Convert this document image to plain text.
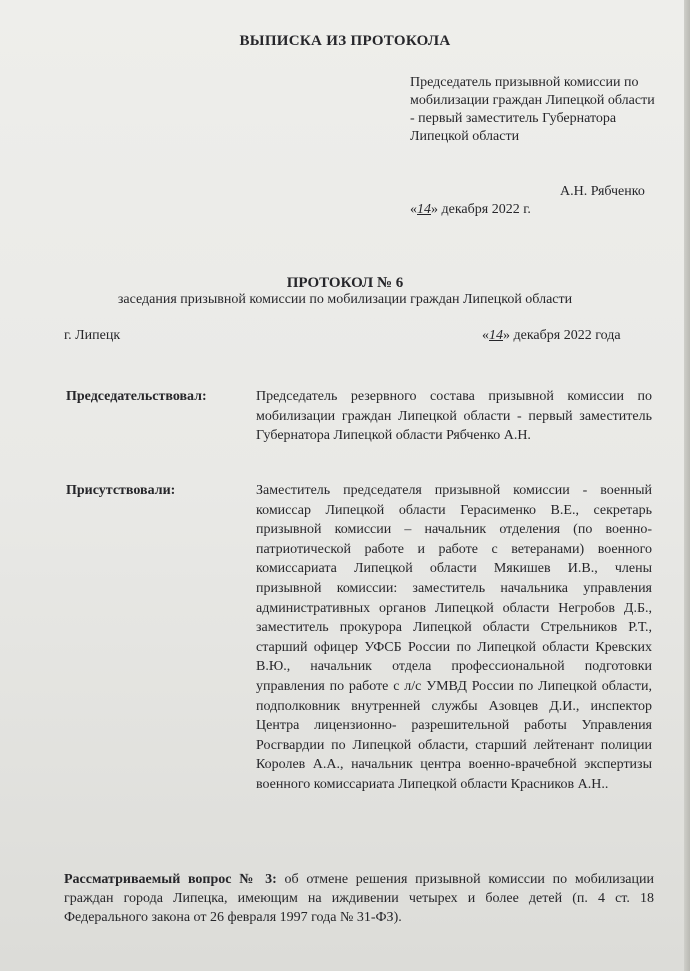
ВЫПИСКА ИЗ ПРОТОКОЛА
Председатель призывной комиссии по мобилизации граждан Липецкой области - первый заместитель Губернатора Липецкой области
А.Н. Рябченко
«14» декабря 2022 г.
ПРОТОКОЛ № 6
заседания призывной комиссии по мобилизации граждан Липецкой области
г. Липецк	«14» декабря 2022 года
Председательствовал:	Председатель резервного состава призывной комиссии по мобилизации граждан Липецкой области - первый заместитель Губернатора Липецкой области Рябченко А.Н.
Присутствовали:	Заместитель председателя призывной комиссии - военный комиссар Липецкой области Герасименко В.Е., секретарь призывной комиссии – начальник отделения (по военно-патриотической работе и работе с ветеранами) военного комиссариата Липецкой области Мякишев И.В., члены призывной комиссии: заместитель начальника управления административных органов Липецкой области Негробов Д.Б., заместитель прокурора Липецкой области Стрельников Р.Т., старший офицер УФСБ России по Липецкой области Кревских В.Ю., начальник отдела профессиональной подготовки управления по работе с л/с УМВД России по Липецкой области, подполковник внутренней службы Азовцев Д.И., инспектор Центра лицензионно- разрешительной работы Управления Росгвардии по Липецкой области, старший лейтенант полиции Королев А.А., начальник центра военно-врачебной экспертизы военного комиссариата Липецкой области Красников А.Н..
Рассматриваемый вопрос № 3: об отмене решения призывной комиссии по мобилизации граждан города Липецка, имеющим на иждивении четырех и более детей (п. 4 ст. 18 Федерального закона от 26 февраля 1997 года № 31-ФЗ).
